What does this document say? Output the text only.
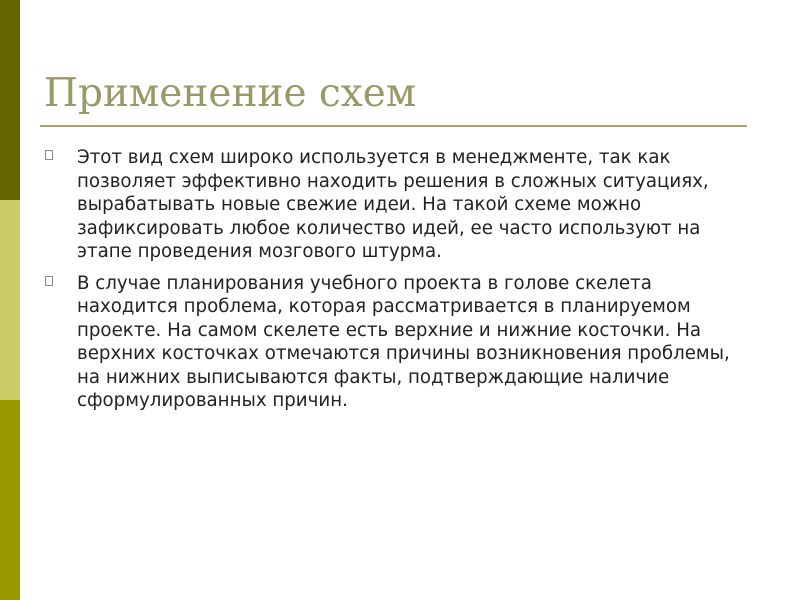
Применение схем
Этот вид схем широко используется в менеджменте, так как позволяет эффективно находить решения в сложных ситуациях, вырабатывать новые свежие идеи. На такой схеме можно зафиксировать любое количество идей, ее часто используют на этапе проведения мозгового штурма.
В случае планирования учебного проекта в голове скелета находится проблема, которая рассматривается в планируемом проекте. На самом скелете есть верхние и нижние косточки. На верхних косточках отмечаются причины возникновения проблемы, на нижних выписываются факты, подтверждающие наличие сформулированных причин.
